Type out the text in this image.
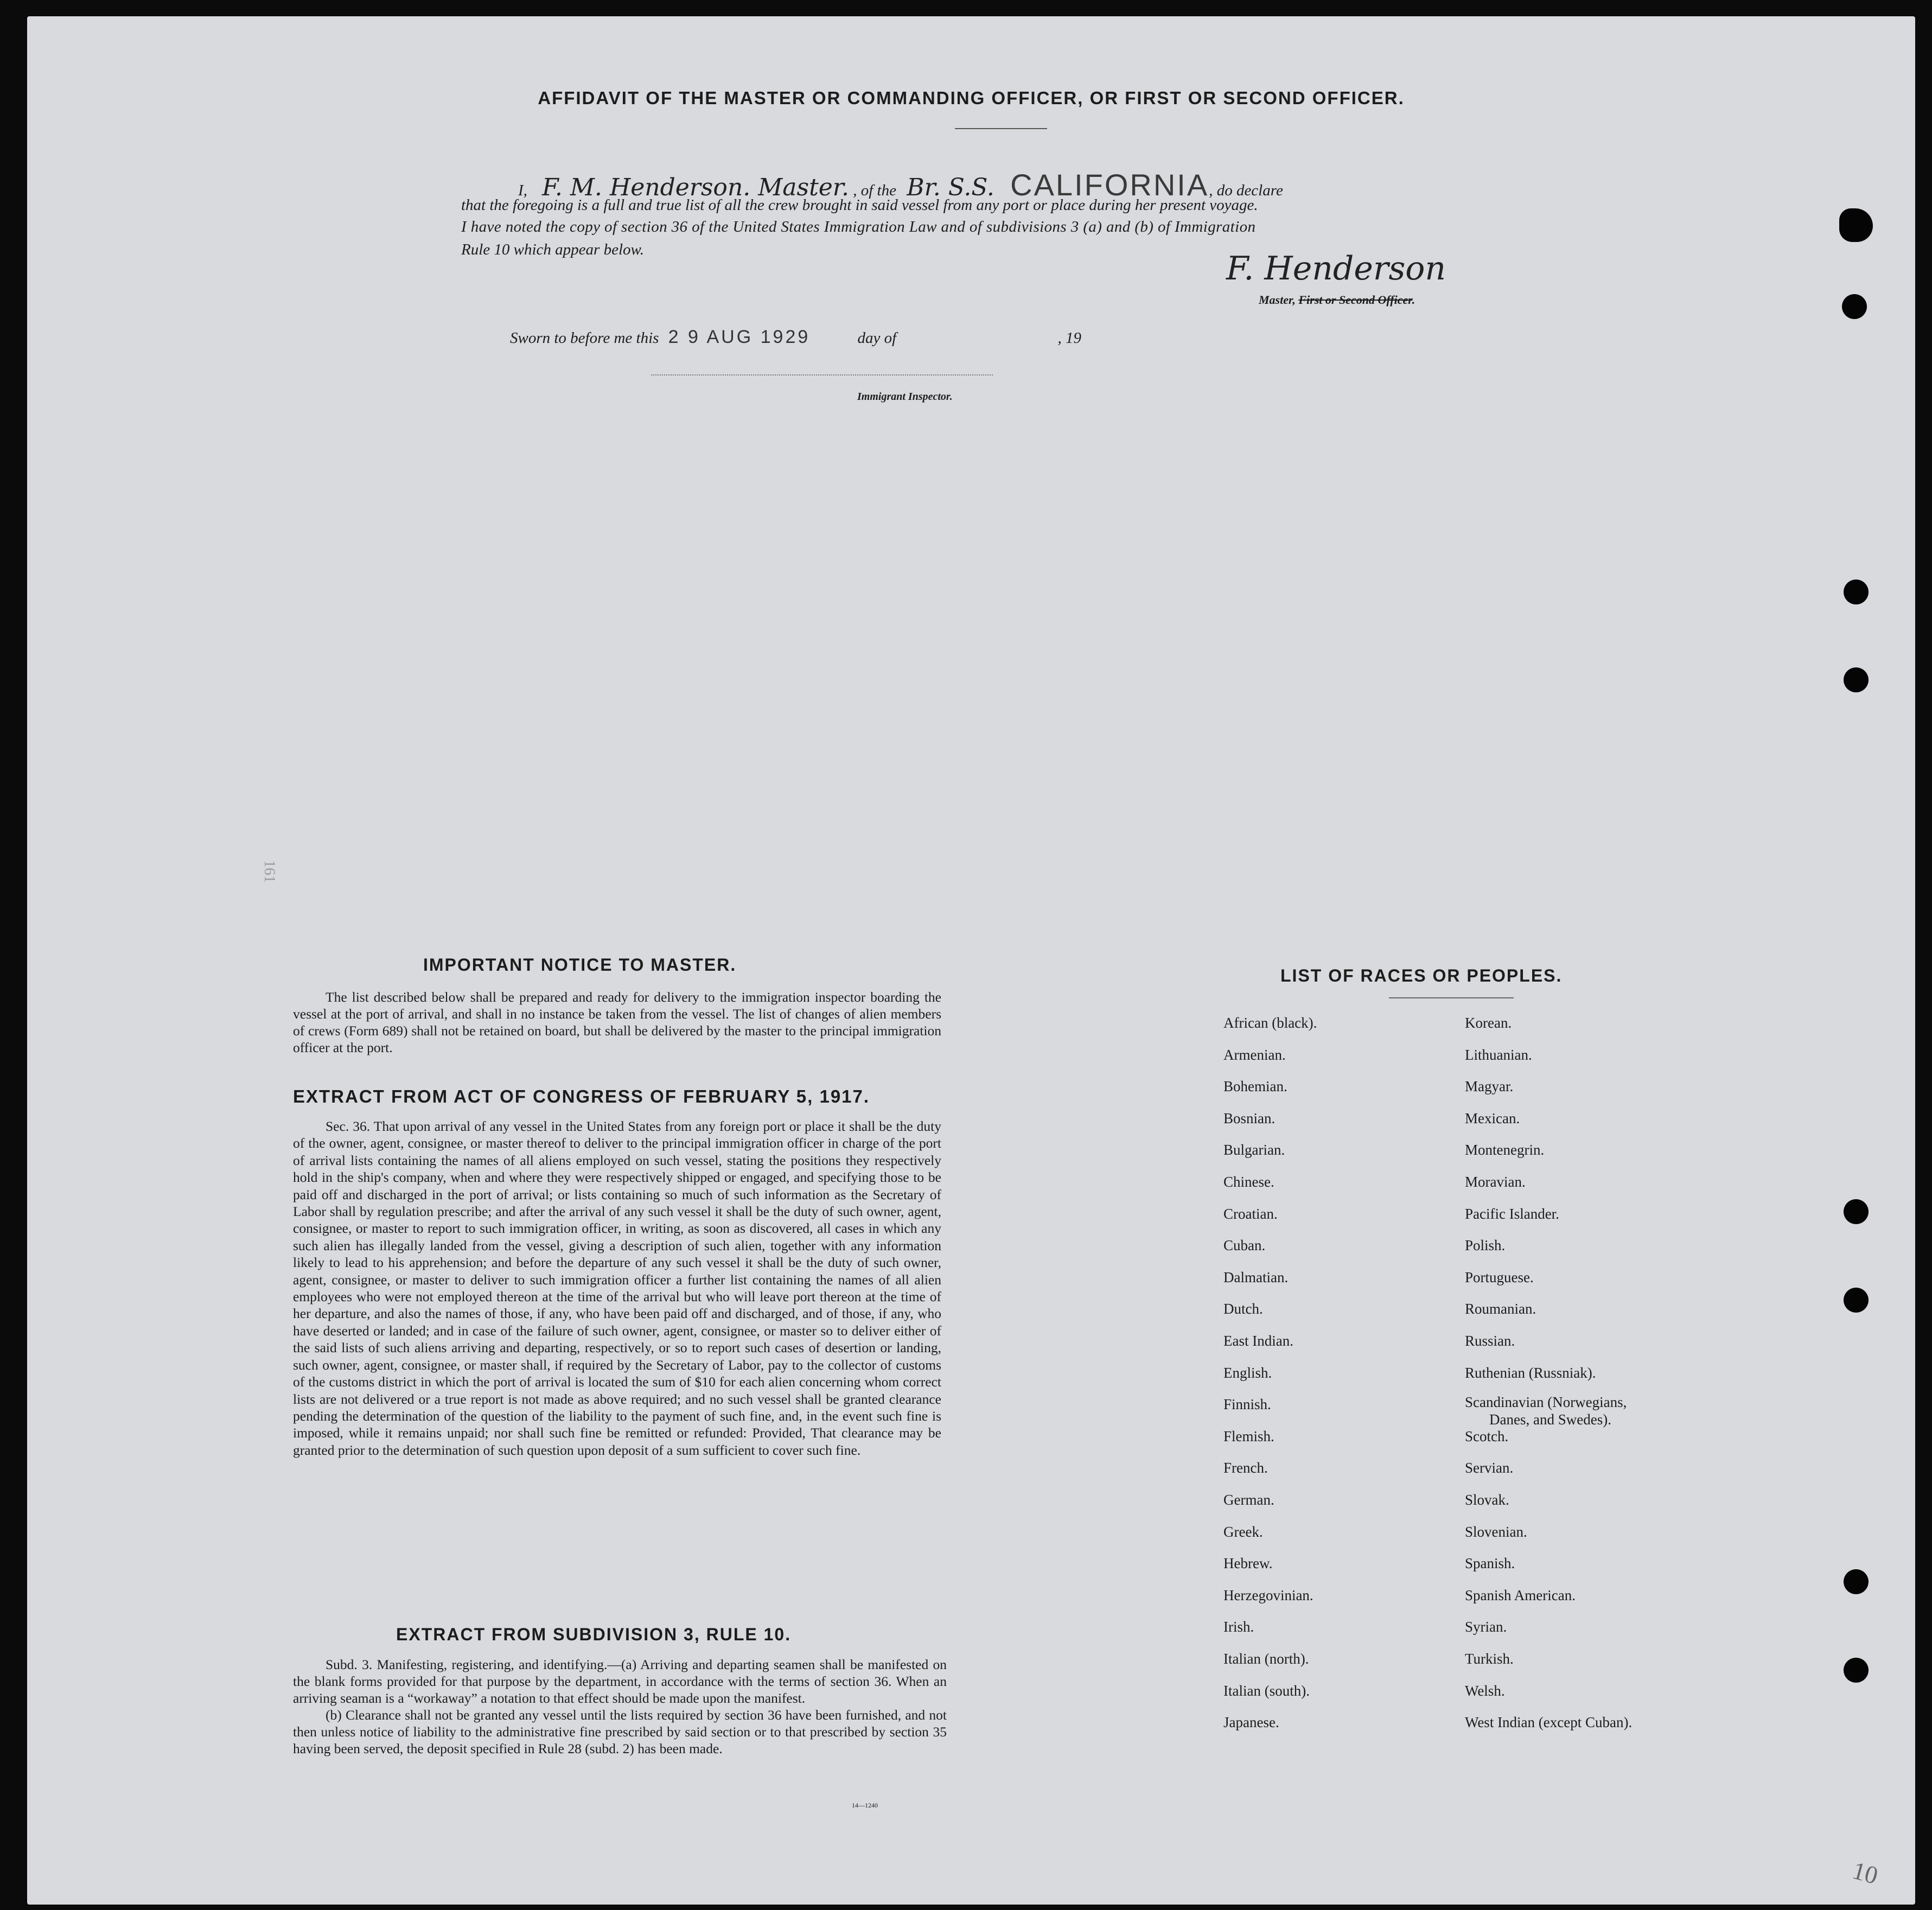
AFFIDAVIT OF THE MASTER OR COMMANDING OFFICER, OR FIRST OR SECOND OFFICER.
I, F. M. Henderson. Master. , of the Br. S.S. CALIFORNIA, do declare
that the foregoing is a full and true list of all the crew brought in said vessel from any port or place during her present voyage.
I have noted the copy of section 36 of the United States Immigration Law and of subdivisions 3 (a) and (b) of Immigration
Rule 10 which appear below.	F. Henderson
Master, First or Second Officer.
Sworn to before me this 2 9 AUG 1929	day of	, 19
Immigrant Inspector.
161
IMPORTANT NOTICE TO MASTER.

The list described below shall be prepared and ready for delivery to the immigration inspector boarding the vessel at the port of arrival, and shall in no instance be taken from the vessel. The list of changes of alien members of crews (Form 689) shall not be retained on board, but shall be delivered by the master to the principal immigration officer at the port.

EXTRACT FROM ACT OF CONGRESS OF FEBRUARY 5, 1917.

Sec. 36. That upon arrival of any vessel in the United States from any foreign port or place it shall be the duty of the owner, agent, consignee, or master thereof to deliver to the principal immigration officer in charge of the port of arrival lists containing the names of all aliens employed on such vessel, stating the positions they respectively hold in the ship's company, when and where they were respectively shipped or engaged, and specifying those to be paid off and discharged in the port of arrival; or lists containing so much of such information as the Secretary of Labor shall by regulation prescribe; and after the arrival of any such vessel it shall be the duty of such owner, agent, consignee, or master to report to such immigration officer, in writing, as soon as discovered, all cases in which any such alien has illegally landed from the vessel, giving a description of such alien, together with any information likely to lead to his apprehension; and before the departure of any such vessel it shall be the duty of such owner, agent, consignee, or master to deliver to such immigration officer a further list containing the names of all alien employees who were not employed thereon at the time of the arrival but who will leave port thereon at the time of her departure, and also the names of those, if any, who have been paid off and discharged, and of those, if any, who have deserted or landed; and in case of the failure of such owner, agent, consignee, or master so to deliver either of the said lists of such aliens arriving and departing, respectively, or so to report such cases of desertion or landing, such owner, agent, consignee, or master shall, if required by the Secretary of Labor, pay to the collector of customs of the customs district in which the port of arrival is located the sum of $10 for each alien concerning whom correct lists are not delivered or a true report is not made as above required; and no such vessel shall be granted clearance pending the determination of the question of the liability to the payment of such fine, and, in the event such fine is imposed, while it remains unpaid; nor shall such fine be remitted or refunded: Provided, That clearance may be granted prior to the determination of such question upon deposit of a sum sufficient to cover such fine.

EXTRACT FROM SUBDIVISION 3, RULE 10.

Subd. 3. Manifesting, registering, and identifying.—(a) Arriving and departing seamen shall be manifested on the blank forms provided for that purpose by the department, in accordance with the terms of section 36. When an arriving seaman is a “workaway” a notation to that effect should be made upon the manifest.

(b) Clearance shall not be granted any vessel until the lists required by section 36 have been furnished, and not then unless notice of liability to the administrative fine prescribed by said section or to that prescribed by section 35 having been served, the deposit specified in Rule 28 (subd. 2) has been made.

14—1240
LIST OF RACES OR PEOPLES.
African (black).
Armenian.
Bohemian.
Bosnian.
Bulgarian.
Chinese.
Croatian.
Cuban.
Dalmatian.
Dutch.
East Indian.
English.
Finnish.
Flemish.
French.
German.
Greek.
Hebrew.
Herzegovinian.
Irish.
Italian (north).
Italian (south).
Japanese.
Korean.
Lithuanian.
Magyar.
Mexican.
Montenegrin.
Moravian.
Pacific Islander.
Polish.
Portuguese.
Roumanian.
Russian.
Ruthenian (Russniak).
Scandinavian (Norwegians,
Scotch.
Servian.
Slovak.
Slovenian.
Spanish.
Spanish American.
Syrian.
Turkish.
Welsh.
West Indian (except Cuban).
Danes, and Swedes).
10
